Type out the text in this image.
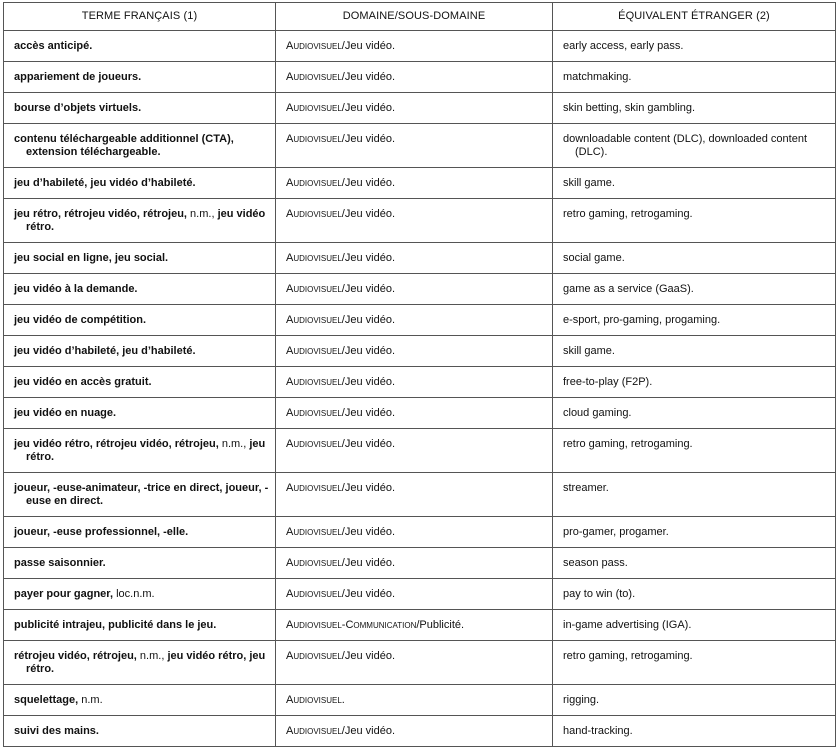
TERME FRANÇAIS (1)	DOMAINE/SOUS-DOMAINE	ÉQUIVALENT ÉTRANGER (2)

accès anticipé.	Audiovisuel/Jeu vidéo.	early access, early pass.

appariement de joueurs.	Audiovisuel/Jeu vidéo.	matchmaking.

bourse d’objets virtuels.	Audiovisuel/Jeu vidéo.	skin betting, skin gambling.

contenu téléchargeable additionnel (CTA), extension téléchargeable.	Audiovisuel/Jeu vidéo.	downloadable content (DLC), downloaded content (DLC).

jeu d’habileté, jeu vidéo d’habileté.	Audiovisuel/Jeu vidéo.	skill game.

jeu rétro, rétrojeu vidéo, rétrojeu, n.m., jeu vidéo rétro.	Audiovisuel/Jeu vidéo.	retro gaming, retrogaming.

jeu social en ligne, jeu social.	Audiovisuel/Jeu vidéo.	social game.

jeu vidéo à la demande.	Audiovisuel/Jeu vidéo.	game as a service (GaaS).

jeu vidéo de compétition.	Audiovisuel/Jeu vidéo.	e-sport, pro-gaming, progaming.

jeu vidéo d’habileté, jeu d’habileté.	Audiovisuel/Jeu vidéo.	skill game.

jeu vidéo en accès gratuit.	Audiovisuel/Jeu vidéo.	free-to-play (F2P).

jeu vidéo en nuage.	Audiovisuel/Jeu vidéo.	cloud gaming.

jeu vidéo rétro, rétrojeu vidéo, rétrojeu, n.m., jeu rétro.	Audiovisuel/Jeu vidéo.	retro gaming, retrogaming.

joueur, -euse-animateur, -trice en direct, joueur, -euse en direct.	Audiovisuel/Jeu vidéo.	streamer.

joueur, -euse professionnel, -elle.	Audiovisuel/Jeu vidéo.	pro-gamer, progamer.

passe saisonnier.	Audiovisuel/Jeu vidéo.	season pass.

payer pour gagner, loc.n.m.	Audiovisuel/Jeu vidéo.	pay to win (to).

publicité intrajeu, publicité dans le jeu.	Audiovisuel-Communication/Publicité.	in-game advertising (IGA).

rétrojeu vidéo, rétrojeu, n.m., jeu vidéo rétro, jeu rétro.	Audiovisuel/Jeu vidéo.	retro gaming, retrogaming.

squelettage, n.m.	Audiovisuel.	rigging.

suivi des mains.	Audiovisuel/Jeu vidéo.	hand-tracking.
